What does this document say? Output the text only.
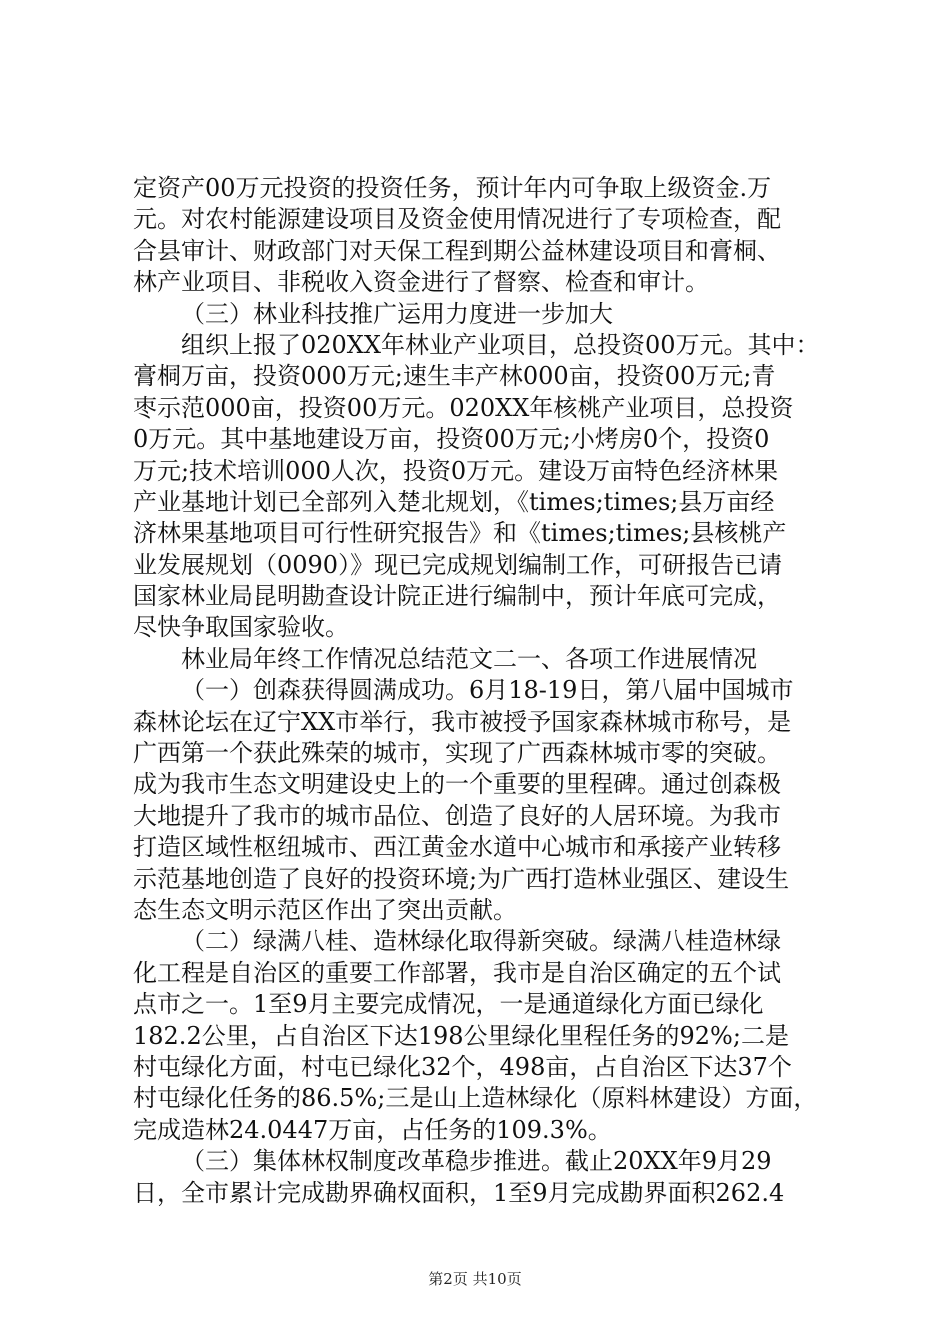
定资产00万元投资的投资任务，预计年内可争取上级资金.万
元。对农村能源建设项目及资金使用情况进行了专项检查，配
合县审计、财政部门对天保工程到期公益林建设项目和膏桐、
林产业项目、非税收入资金进行了督察、检查和审计。
（三）林业科技推广运用力度进一步加大
组织上报了020XX年林业产业项目，总投资00万元。其中：
膏桐万亩，投资000万元;速生丰产林000亩，投资00万元;青
枣示范000亩，投资00万元。020XX年核桃产业项目，总投资
0万元。其中基地建设万亩，投资00万元;小烤房0个，投资0
万元;技术培训000人次，投资0万元。建设万亩特色经济林果
产业基地计划已全部列入楚北规划，《times;times;县万亩经
济林果基地项目可行性研究报告》和《times;times;县核桃产
业发展规划（0090）》现已完成规划编制工作，可研报告已请
国家林业局昆明勘查设计院正进行编制中，预计年底可完成，
尽快争取国家验收。
林业局年终工作情况总结范文二一、各项工作进展情况
（一）创森获得圆满成功。6月18-19日，第八届中国城市
森林论坛在辽宁XX市举行，我市被授予国家森林城市称号，是
广西第一个获此殊荣的城市，实现了广西森林城市零的突破。
成为我市生态文明建设史上的一个重要的里程碑。通过创森极
大地提升了我市的城市品位、创造了良好的人居环境。为我市
打造区域性枢纽城市、西江黄金水道中心城市和承接产业转移
示范基地创造了良好的投资环境;为广西打造林业强区、建设生
态生态文明示范区作出了突出贡献。
（二）绿满八桂、造林绿化取得新突破。绿满八桂造林绿
化工程是自治区的重要工作部署，我市是自治区确定的五个试
点市之一。1至9月主要完成情况，一是通道绿化方面已绿化
182.2公里，占自治区下达198公里绿化里程任务的92%;二是
村屯绿化方面，村屯已绿化32个，498亩，占自治区下达37个
村屯绿化任务的86.5%;三是山上造林绿化（原料林建设）方面，
完成造林24.0447万亩，占任务的109.3%。
（三）集体林权制度改革稳步推进。截止20XX年9月29
日，全市累计完成勘界确权面积，1至9月完成勘界面积262.4
第2页 共10页
